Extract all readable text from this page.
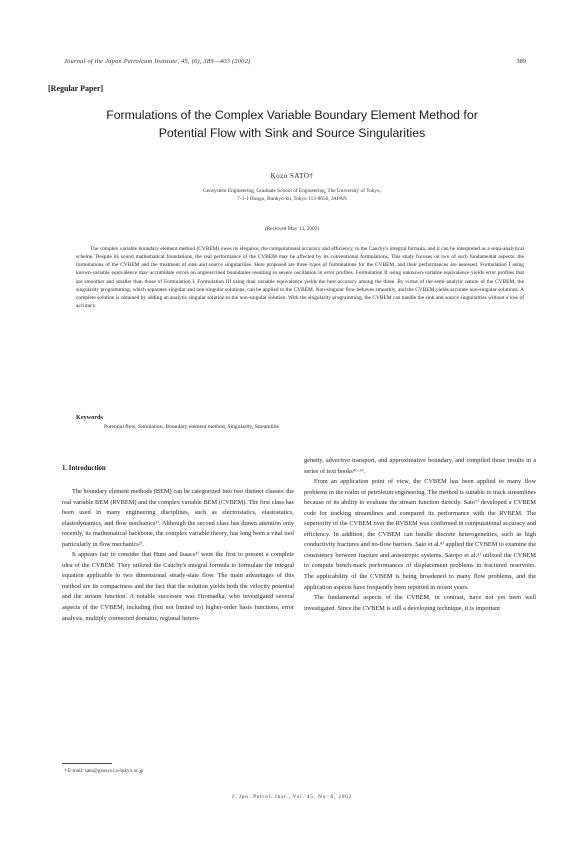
Journal of the Japan Petroleum Institute, 45, (6), 389—403 (2002)	389
[Regular Paper]
Formulations of the Complex Variable Boundary Element Method for
Potential Flow with Sink and Source Singularities
Kozo SATO†
Geosystem Engineering, Graduate School of Engineering, The University of Tokyo,
7-3-1 Hongo, Bunkyo-ku, Tokyo 113-8656, JAPAN
(Received May 13, 2002)

The complex variable boundary element method (CVBEM) owes its elegance, the computational accuracy and efficiency, to the Cauchy's integral formula, and it can be interpreted as a semi-analytical scheme. Despite its sound mathematical foundations, the real performance of the CVBEM may be affected by its conventional formulations. This study focuses on two of such fundamental aspects: the formulations of the CVBEM and the treatment of sink and source singularities. Here proposed are three types of formulations for the CVBEM, and their performances are assessed. Formulation I using known-variable equivalence may accumulate errors on unprescribed boundaries resulting in severe oscillation in error profiles. Formulation II using unknown-variable equivalence yields error profiles that are smoother and smaller than those of Formulation I. Formulation III using dual variable equivalence yields the best accuracy among the three. By virtue of the semi-analytic nature of the CVBEM, the singularity programming, which separates singular and non-singular solutions, can be applied to the CVBEM. Non-singular flow behaves smoothly, and the CVBEM yields accurate non-singular solutions. A complete solution is obtained by adding an analytic singular solution to the non-singular solution. With the singularity programming, the CVBEM can handle the sink and source singularities without a loss of accuracy.

Keywords
Potential flow, Simulation, Boundary element method, Singularity, Streamline
1. Introduction

The boundary element methods (BEM) can be categorized into two distinct classes: the real variable BEM (RVBEM) and the complex variable BEM (CVBEM). The first class has been used in many engineering disciplines, such as electrostatics, elastostatics, elastodynamics, and flow mechanics¹⁾. Although the second class has drawn attention only recently, its mathematical backbone, the complex variable theory, has long been a vital tool particularly in flow mechanics²⁾.

It appears fair to consider that Hunt and Isaacs³⁾ were the first to present a complete idea of the CVBEM. They utilized the Cauchy's integral formula to formulate the integral equation applicable to two dimensional steady-state flow. The main advantages of this method are its compactness and the fact that the solution yields both the velocity potential and the stream function. A notable successor was Hromadka, who investigated several aspects of the CVBEM, including (but not limited to) higher-order basis functions, error analysis, multiply connected domains, regional hetero-

geneity, advective transport, and approximative boundary, and compiled those results in a series of text books⁴⁾~⁶⁾.

From an application point of view, the CVBEM has been applied to many flow problems in the realm of petroleum engineering. The method is suitable to track streamlines because of its ability to evaluate the stream function directly. Sato⁷⁾ developed a CVBEM code for tracking streamlines and compared its performance with the RVBEM. The superiority of the CVBEM over the RVBEM was confirmed in computational accuracy and efficiency. In addition, the CVBEM can handle discrete heterogeneities, such as high conductivity fractures and no-flow barriers. Sato et al.⁸⁾ applied the CVBEM to examine the consistency between fracture and anisotropic systems. Satopo et al.⁹⁾ utilized the CVBEM to compute bench-mark performances of displacement problems in fractured reservoirs. The applicability of the CVBEM is being broadened to many flow problems, and the application aspects have frequently been reported in recent years.

The fundamental aspects of the CVBEM, in contrast, have not yet been well investigated. Since the CVBEM is still a developing technique, it is important

† E-mail: sato@geosys.t.u-tokyo.ac.jp
J. Jpn. Petrol. Inst., Vol. 45, No. 6, 2002
